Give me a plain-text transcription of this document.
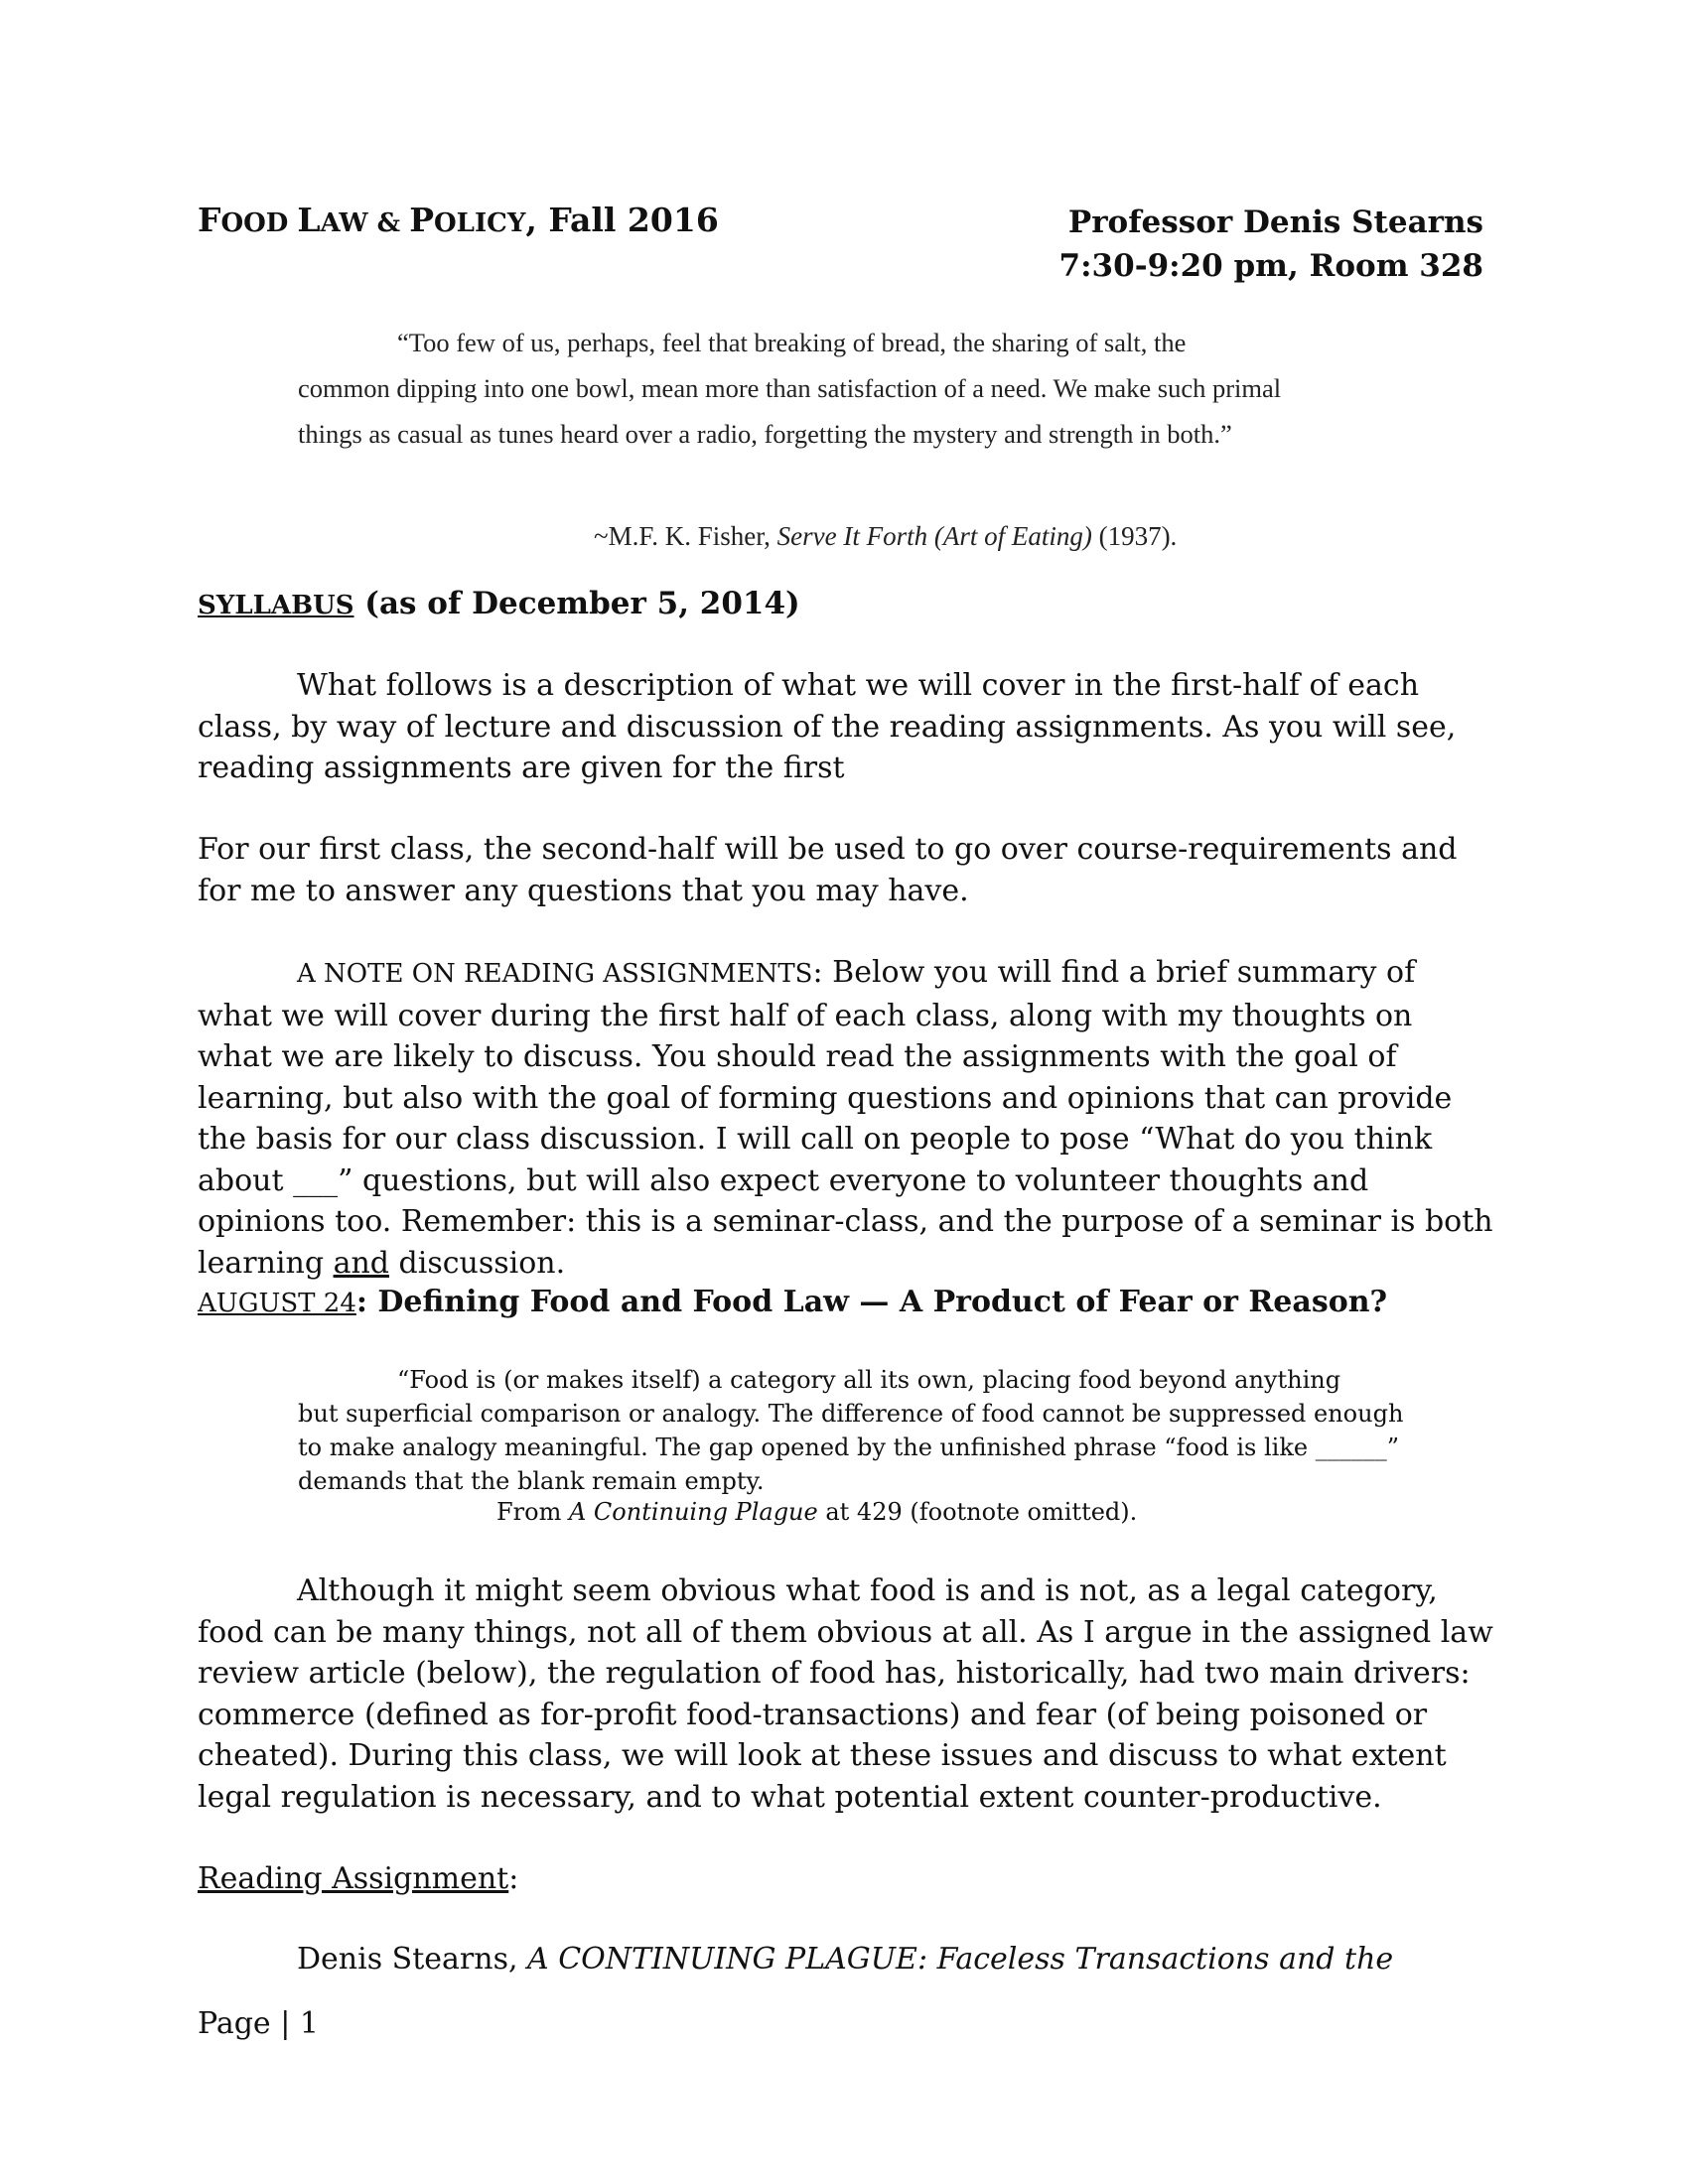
FOOD LAW & POLICY, Fall 2016	Professor Denis Stearns
7:30-9:20 pm, Room 328
“Too few of us, perhaps, feel that breaking of bread, the sharing of salt, the
common dipping into one bowl, mean more than satisfaction of a need. We make such primal things as casual as tunes heard over a radio, forgetting the mystery and strength in both.”
~M.F. K. Fisher, Serve It Forth (Art of Eating) (1937).
SYLLABUS (as of December 5, 2014)
What follows is a description of what we will cover in the first-half of each class, by way of lecture and discussion of the reading assignments. As you will see, reading assignments are given for the first
For our first class, the second-half will be used to go over course-requirements and for me to answer any questions that you may have.
A NOTE ON READING ASSIGNMENTS: Below you will find a brief summary of what we will cover during the first half of each class, along with my thoughts on what we are likely to discuss. You should read the assignments with the goal of learning, but also with the goal of forming questions and opinions that can provide the basis for our class discussion. I will call on people to pose “What do you think about ___” questions, but will also expect everyone to volunteer thoughts and opinions too. Remember: this is a seminar-class, and the purpose of a seminar is both learning and discussion.
AUGUST 24: Defining Food and Food Law — A Product of Fear or Reason?
“Food is (or makes itself) a category all its own, placing food beyond anything
but superficial comparison or analogy. The difference of food cannot be suppressed enough to make analogy meaningful. The gap opened by the unfinished phrase “food is like ______” demands that the blank remain empty.
From A Continuing Plague at 429 (footnote omitted).
Although it might seem obvious what food is and is not, as a legal category, food can be many things, not all of them obvious at all. As I argue in the assigned law review article (below), the regulation of food has, historically, had two main drivers: commerce (defined as for-profit food-transactions) and fear (of being poisoned or cheated). During this class, we will look at these issues and discuss to what extent legal regulation is necessary, and to what potential extent counter-productive.
Reading Assignment:
Denis Stearns, A CONTINUING PLAGUE: Faceless Transactions and the
Page | 1
